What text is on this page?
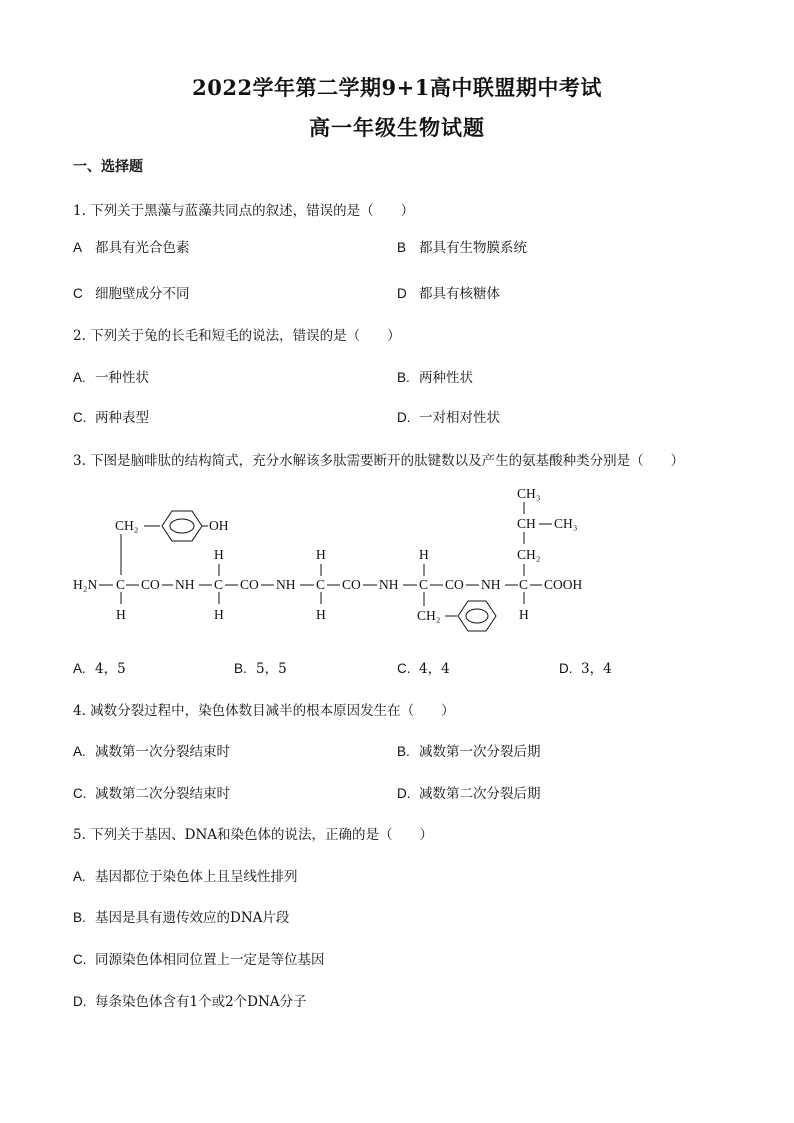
2022学年第二学期9+1高中联盟期中考试
高一年级生物试题
一、选择题
1. 下列关于黑藻与蓝藻共同点的叙述，错误的是（　　）
A 都具有光合色素	B 都具有生物膜系统
C 细胞壁成分不同	D 都具有核糖体
2. 下列关于兔的长毛和短毛的说法，错误的是（　　）
A. 一种性状	B. 两种性状
C. 两种表型	D. 一对相对性状
3. 下图是脑啡肽的结构简式，充分水解该多肽需要断开的肽键数以及产生的氨基酸种类分别是（　　）
CH₂	OH
H₂N C
H
CO NH
H
C
H
CO NH
H
C
H
CO NH
H
C
CH₂
CO NH
CH₃
CH CH₃
CH₂
C
H
COOH
A. 4，5	B. 5，5	C. 4，4	D. 3，4
4. 减数分裂过程中，染色体数目减半的根本原因发生在（　　）
A. 减数第一次分裂结束时	B. 减数第一次分裂后期
C. 减数第二次分裂结束时	D. 减数第二次分裂后期
5. 下列关于基因、DNA和染色体的说法，正确的是（　　）
A. 基因都位于染色体上且呈线性排列
B. 基因是具有遗传效应的DNA片段
C. 同源染色体相同位置上一定是等位基因
D. 每条染色体含有1个或2个DNA分子
